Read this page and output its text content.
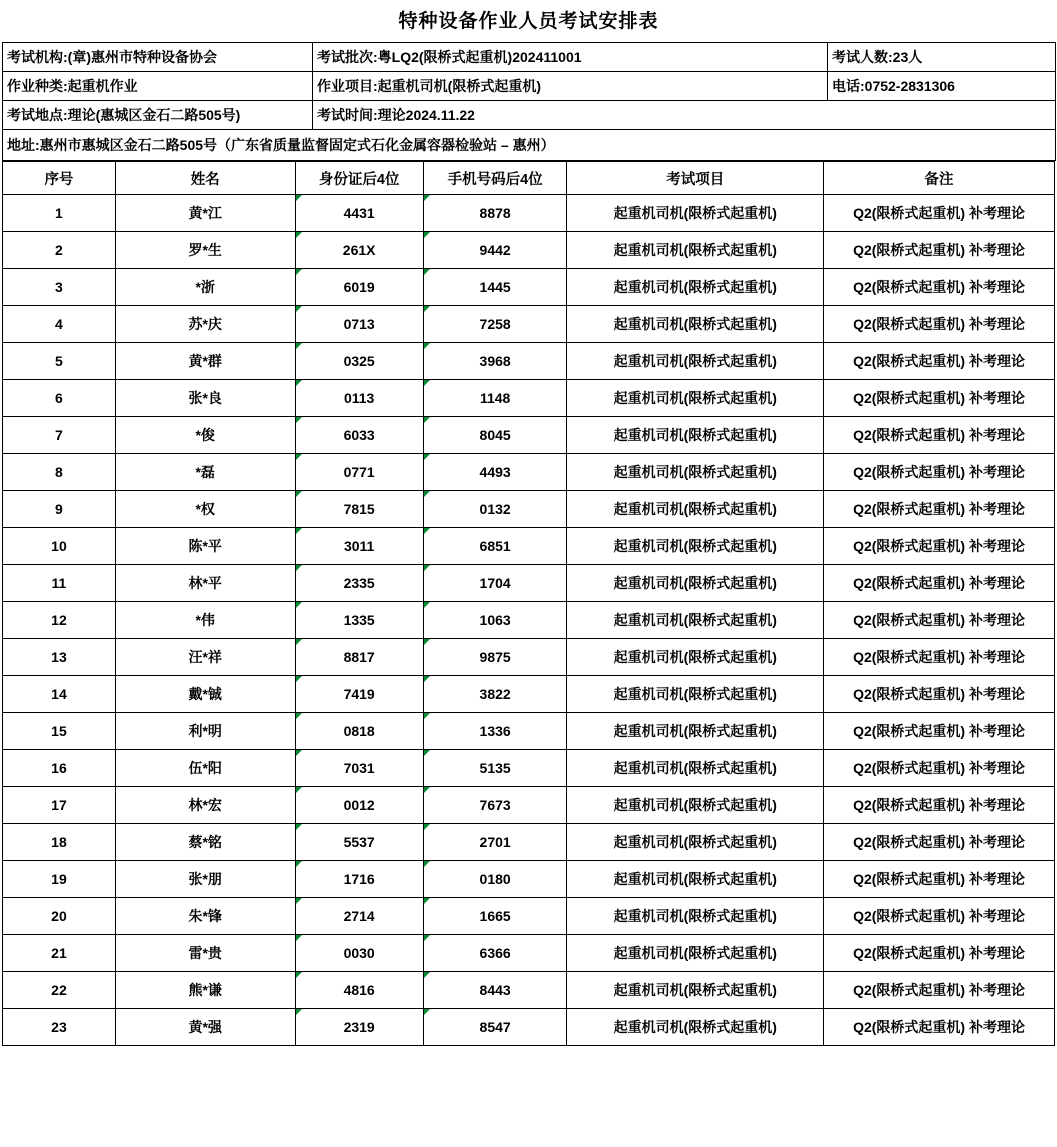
特种设备作业人员考试安排表
考试机构:(章)惠州市特种设备协会	考试批次:粤LQ2(限桥式起重机)202411001	考试人数:23人
作业种类:起重机作业	作业项目:起重机司机(限桥式起重机)	电话:0752-2831306
考试地点:理论(惠城区金石二路505号)	考试时间:理论2024.11.22	
地址:惠州市惠城区金石二路505号（广东省质量监督固定式石化金属容器检验站 – 惠州）		
序号	姓名	身份证后4位	手机号码后4位	考试项目	备注
1	黄*江	4431	8878	起重机司机(限桥式起重机)	Q2(限桥式起重机) 补考理论
2	罗*生	261X	9442	起重机司机(限桥式起重机)	Q2(限桥式起重机) 补考理论
3	*浙	6019	1445	起重机司机(限桥式起重机)	Q2(限桥式起重机) 补考理论
4	苏*庆	0713	7258	起重机司机(限桥式起重机)	Q2(限桥式起重机) 补考理论
5	黄*群	0325	3968	起重机司机(限桥式起重机)	Q2(限桥式起重机) 补考理论
6	张*良	0113	1148	起重机司机(限桥式起重机)	Q2(限桥式起重机) 补考理论
7	*俊	6033	8045	起重机司机(限桥式起重机)	Q2(限桥式起重机) 补考理论
8	*磊	0771	4493	起重机司机(限桥式起重机)	Q2(限桥式起重机) 补考理论
9	*权	7815	0132	起重机司机(限桥式起重机)	Q2(限桥式起重机) 补考理论
10	陈*平	3011	6851	起重机司机(限桥式起重机)	Q2(限桥式起重机) 补考理论
11	林*平	2335	1704	起重机司机(限桥式起重机)	Q2(限桥式起重机) 补考理论
12	*伟	1335	1063	起重机司机(限桥式起重机)	Q2(限桥式起重机) 补考理论
13	汪*祥	8817	9875	起重机司机(限桥式起重机)	Q2(限桥式起重机) 补考理论
14	戴*铖	7419	3822	起重机司机(限桥式起重机)	Q2(限桥式起重机) 补考理论
15	利*明	0818	1336	起重机司机(限桥式起重机)	Q2(限桥式起重机) 补考理论
16	伍*阳	7031	5135	起重机司机(限桥式起重机)	Q2(限桥式起重机) 补考理论
17	林*宏	0012	7673	起重机司机(限桥式起重机)	Q2(限桥式起重机) 补考理论
18	蔡*铭	5537	2701	起重机司机(限桥式起重机)	Q2(限桥式起重机) 补考理论
19	张*朋	1716	0180	起重机司机(限桥式起重机)	Q2(限桥式起重机) 补考理论
20	朱*锋	2714	1665	起重机司机(限桥式起重机)	Q2(限桥式起重机) 补考理论
21	雷*贵	0030	6366	起重机司机(限桥式起重机)	Q2(限桥式起重机) 补考理论
22	熊*谦	4816	8443	起重机司机(限桥式起重机)	Q2(限桥式起重机) 补考理论
23	黄*强	2319	8547	起重机司机(限桥式起重机)	Q2(限桥式起重机) 补考理论
